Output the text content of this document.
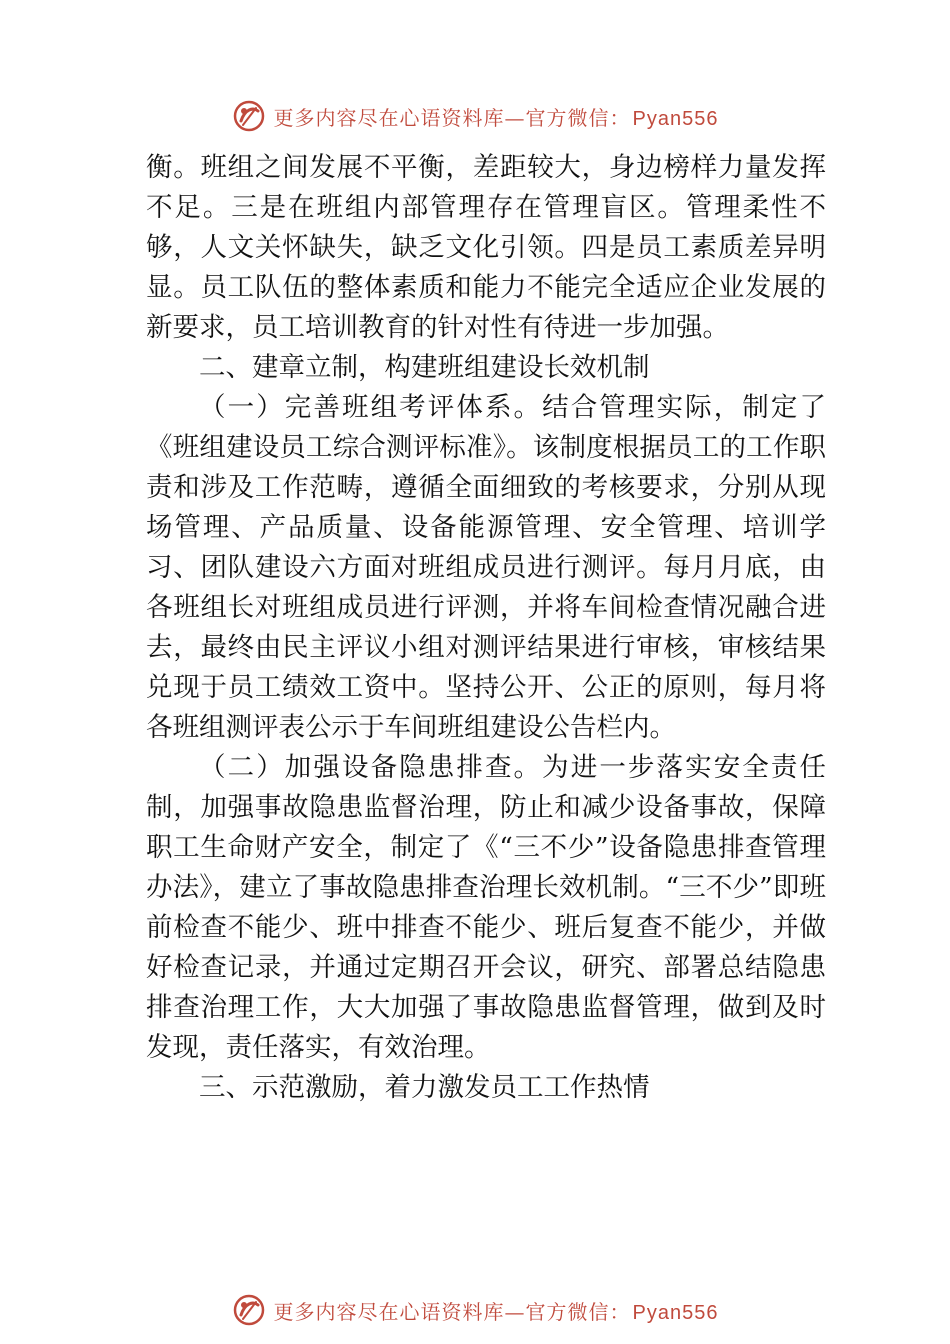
更多内容尽在心语资料库—官方微信： Pyan556

衡。班组之间发展不平衡，差距较大，身边榜样力量发挥不足。三是在班组内部管理存在管理盲区。管理柔性不够，人文关怀缺失，缺乏文化引领。四是员工素质差异明显。员工队伍的整体素质和能力不能完全适应企业发展的新要求，员工培训教育的针对性有待进一步加强。

二、建章立制，构建班组建设长效机制

（一）完善班组考评体系。结合管理实际，制定了《班组建设员工综合测评标准》。该制度根据员工的工作职责和涉及工作范畴，遵循全面细致的考核要求，分别从现场管理、产品质量、设备能源管理、安全管理、培训学习、团队建设六方面对班组成员进行测评。每月月底，由各班组长对班组成员进行评测，并将车间检查情况融合进去，最终由民主评议小组对测评结果进行审核，审核结果兑现于员工绩效工资中。坚持公开、公正的原则，每月将各班组测评表公示于车间班组建设公告栏内。

（二）加强设备隐患排查。为进一步落实安全责任制，加强事故隐患监督治理，防止和减少设备事故，保障职工生命财产安全，制定了《“三不少”设备隐患排查管理办法》，建立了事故隐患排查治理长效机制。“三不少”即班前检查不能少、班中排查不能少、班后复查不能少，并做好检查记录，并通过定期召开会议，研究、部署总结隐患排查治理工作，大大加强了事故隐患监督管理，做到及时发现，责任落实，有效治理。

三、示范激励，着力激发员工工作热情

更多内容尽在心语资料库—官方微信： Pyan556
